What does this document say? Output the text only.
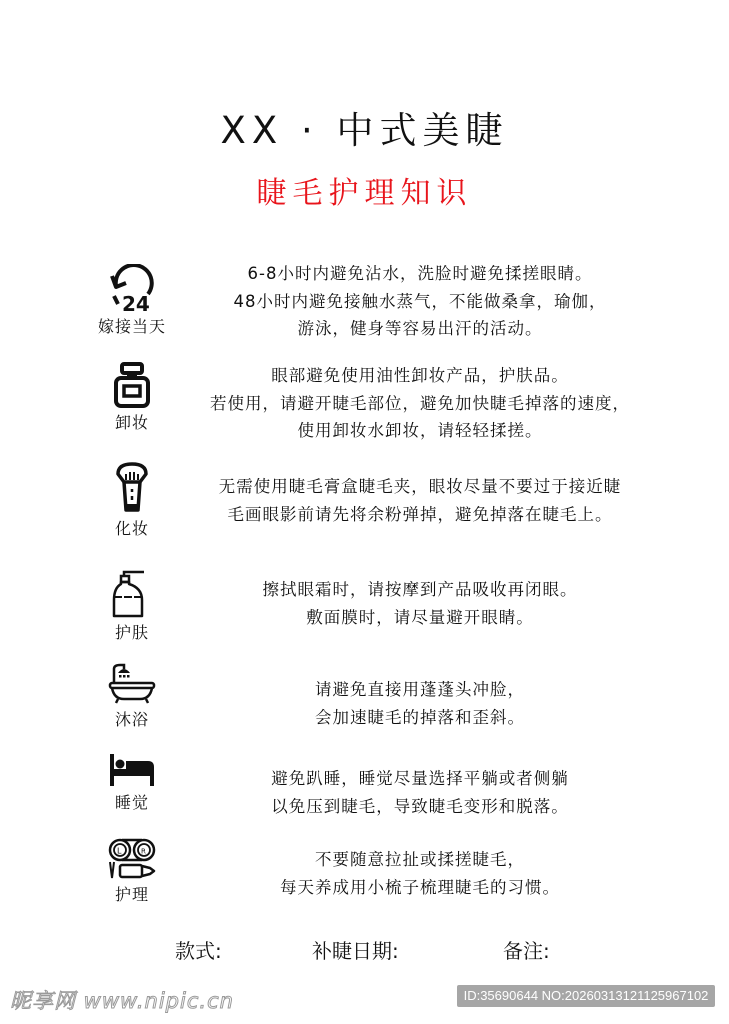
XX · 中式美睫
睫毛护理知识
24
嫁接当天
6-8小时内避免沾水，洗脸时避免揉搓眼睛。
48小时内避免接触水蒸气，不能做桑拿，瑜伽，
游泳，健身等容易出汗的活动。
卸妆
眼部避免使用油性卸妆产品，护肤品。
若使用，请避开睫毛部位，避免加快睫毛掉落的速度，
使用卸妆水卸妆，请轻轻揉搓。
化妆
无需使用睫毛膏盒睫毛夹，眼妆尽量不要过于接近睫
毛画眼影前请先将余粉弹掉，避免掉落在睫毛上。
护肤
擦拭眼霜时，请按摩到产品吸收再闭眼。
敷面膜时，请尽量避开眼睛。
沐浴
请避免直接用蓬蓬头冲脸，
会加速睫毛的掉落和歪斜。
睡觉
避免趴睡，睡觉尽量选择平躺或者侧躺
以免压到睫毛，导致睫毛变形和脱落。
L	R
护理
不要随意拉扯或揉搓睫毛，
每天养成用小梳子梳理睫毛的习惯。
款式:	补睫日期:	备注:
昵享网 www.nipic.cn	ID:35690644 NO:20260313121125967102
